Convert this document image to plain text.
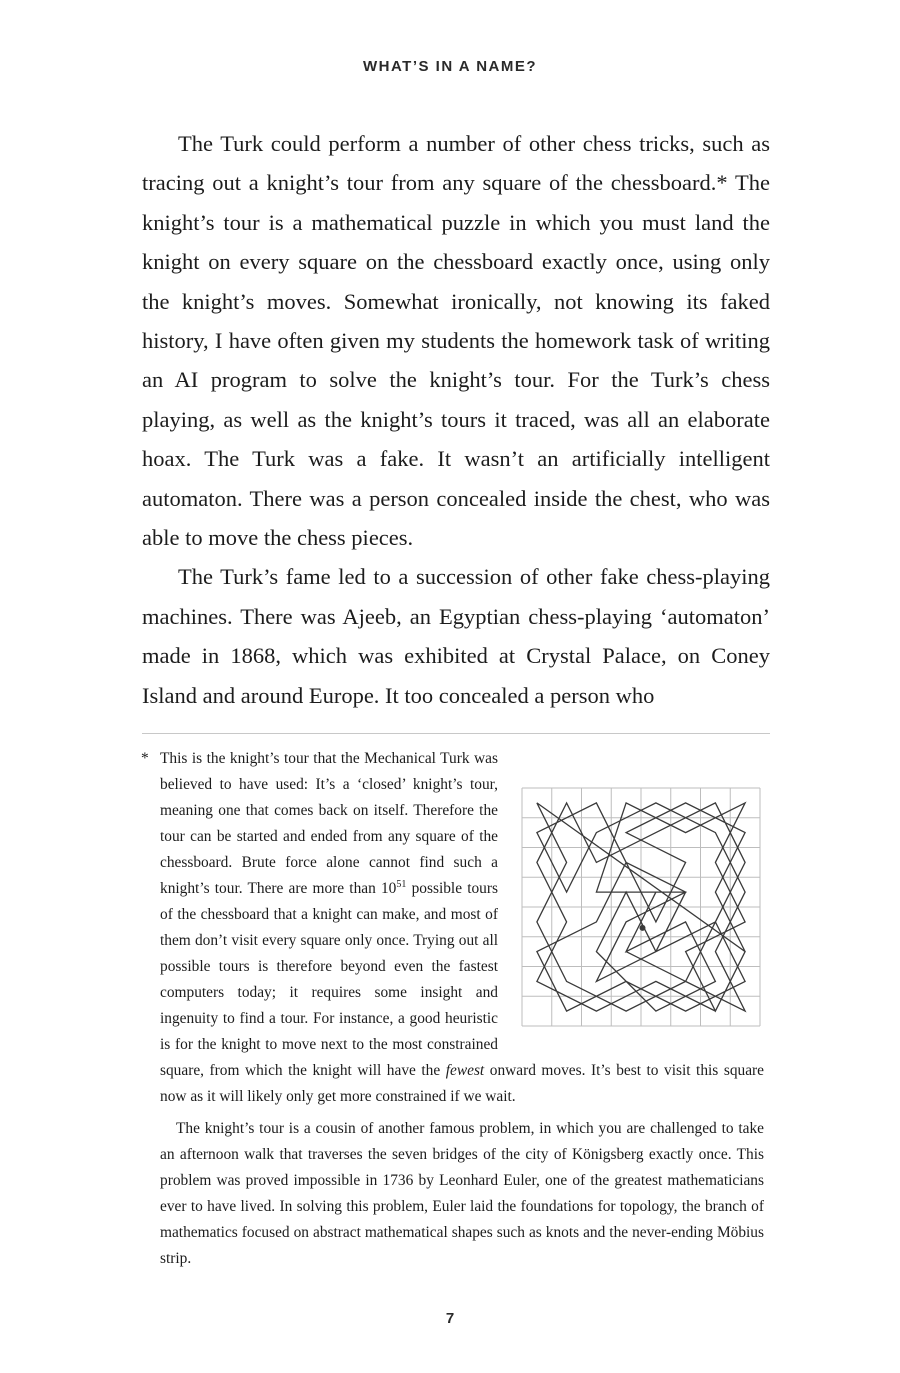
WHAT’S IN A NAME?

The Turk could perform a number of other chess tricks, such as tracing out a knight’s tour from any square of the chessboard.* The knight’s tour is a mathematical puzzle in which you must land the knight on every square on the chessboard exactly once, using only the knight’s moves. Somewhat ironically, not knowing its faked history, I have often given my students the homework task of writing an AI program to solve the knight’s tour. For the Turk’s chess playing, as well as the knight’s tours it traced, was all an elaborate hoax. The Turk was a fake. It wasn’t an artificially intelligent automaton. There was a person concealed inside the chest, who was able to move the chess pieces.

The Turk’s fame led to a succession of other fake chess-playing machines. There was Ajeeb, an Egyptian chess-playing ‘automaton’ made in 1868, which was exhibited at Crystal Palace, on Coney Island and around Europe. It too concealed a person who

* This is the knight’s tour that the Mechanical Turk was believed to have used: It’s a ‘closed’ knight’s tour, meaning one that comes back on itself. Therefore the tour can be started and ended from any square of the chessboard. Brute force alone cannot find such a knight’s tour. There are more than $10^{51}$ possible tours of the chessboard that a knight can make, and most of them don’t visit every square only once. Trying out all possible tours is therefore beyond even the fastest computers today; it requires some insight and ingenuity to find a tour. For instance, a good heuristic is for the knight to move next to the most constrained square, from which the knight will have the fewest onward moves. It’s best to visit this square now as it will likely only get more constrained if we wait.

The knight’s tour is a cousin of another famous problem, in which you are challenged to take an afternoon walk that traverses the seven bridges of the city of Königsberg exactly once. This problem was proved impossible in 1736 by Leonhard Euler, one of the greatest mathematicians ever to have lived. In solving this problem, Euler laid the foundations for topology, the branch of mathematics focused on abstract mathematical shapes such as knots and the never-ending Möbius strip.

7
